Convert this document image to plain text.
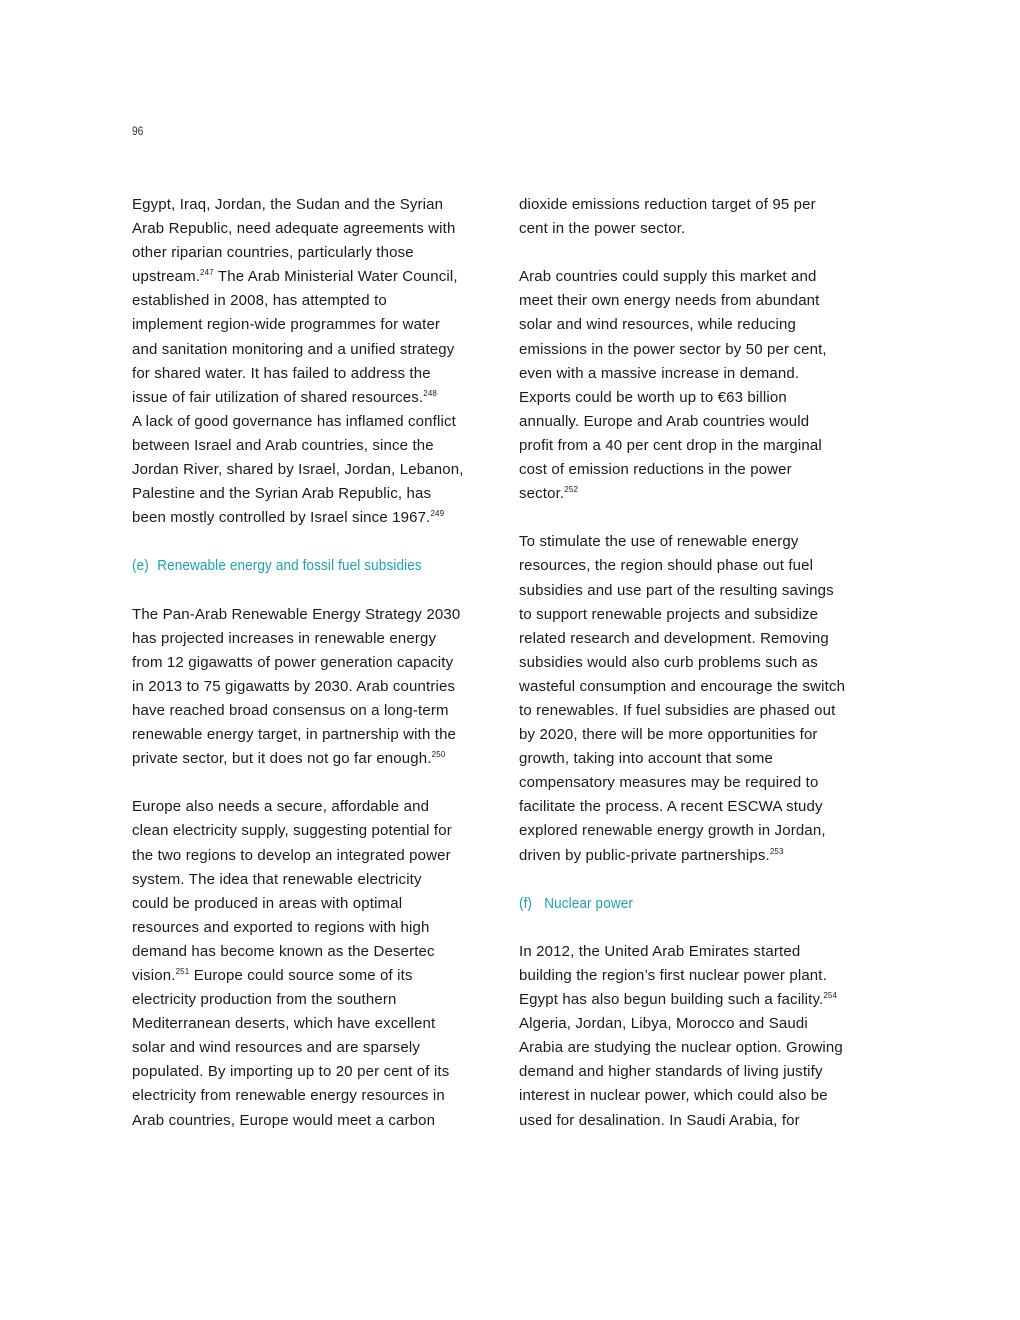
96
Egypt, Iraq, Jordan, the Sudan and the Syrian
Arab Republic, need adequate agreements with
other riparian countries, particularly those
upstream.$^{247}$ The Arab Ministerial Water Council,
established in 2008, has attempted to
implement region-wide programmes for water
and sanitation monitoring and a unified strategy
for shared water. It has failed to address the
issue of fair utilization of shared resources.$^{248}$
A lack of good governance has inflamed conflict
between Israel and Arab countries, since the
Jordan River, shared by Israel, Jordan, Lebanon,
Palestine and the Syrian Arab Republic, has
been mostly controlled by Israel since 1967.$^{249}$
(e) Renewable energy and fossil fuel subsidies
The Pan-Arab Renewable Energy Strategy 2030
has projected increases in renewable energy
from 12 gigawatts of power generation capacity
in 2013 to 75 gigawatts by 2030. Arab countries
have reached broad consensus on a long-term
renewable energy target, in partnership with the
private sector, but it does not go far enough.$^{250}$
Europe also needs a secure, affordable and
clean electricity supply, suggesting potential for
the two regions to develop an integrated power
system. The idea that renewable electricity
could be produced in areas with optimal
resources and exported to regions with high
demand has become known as the Desertec
vision.$^{251}$ Europe could source some of its
electricity production from the southern
Mediterranean deserts, which have excellent
solar and wind resources and are sparsely
populated. By importing up to 20 per cent of its
electricity from renewable energy resources in
Arab countries, Europe would meet a carbon
dioxide emissions reduction target of 95 per
cent in the power sector.
Arab countries could supply this market and
meet their own energy needs from abundant
solar and wind resources, while reducing
emissions in the power sector by 50 per cent,
even with a massive increase in demand.
Exports could be worth up to €63 billion
annually. Europe and Arab countries would
profit from a 40 per cent drop in the marginal
cost of emission reductions in the power
sector.$^{252}$
To stimulate the use of renewable energy
resources, the region should phase out fuel
subsidies and use part of the resulting savings
to support renewable projects and subsidize
related research and development. Removing
subsidies would also curb problems such as
wasteful consumption and encourage the switch
to renewables. If fuel subsidies are phased out
by 2020, there will be more opportunities for
growth, taking into account that some
compensatory measures may be required to
facilitate the process. A recent ESCWA study
explored renewable energy growth in Jordan,
driven by public-private partnerships.$^{253}$
(f) Nuclear power
In 2012, the United Arab Emirates started
building the region’s first nuclear power plant.
Egypt has also begun building such a facility.$^{254}$
Algeria, Jordan, Libya, Morocco and Saudi
Arabia are studying the nuclear option. Growing
demand and higher standards of living justify
interest in nuclear power, which could also be
used for desalination. In Saudi Arabia, for
